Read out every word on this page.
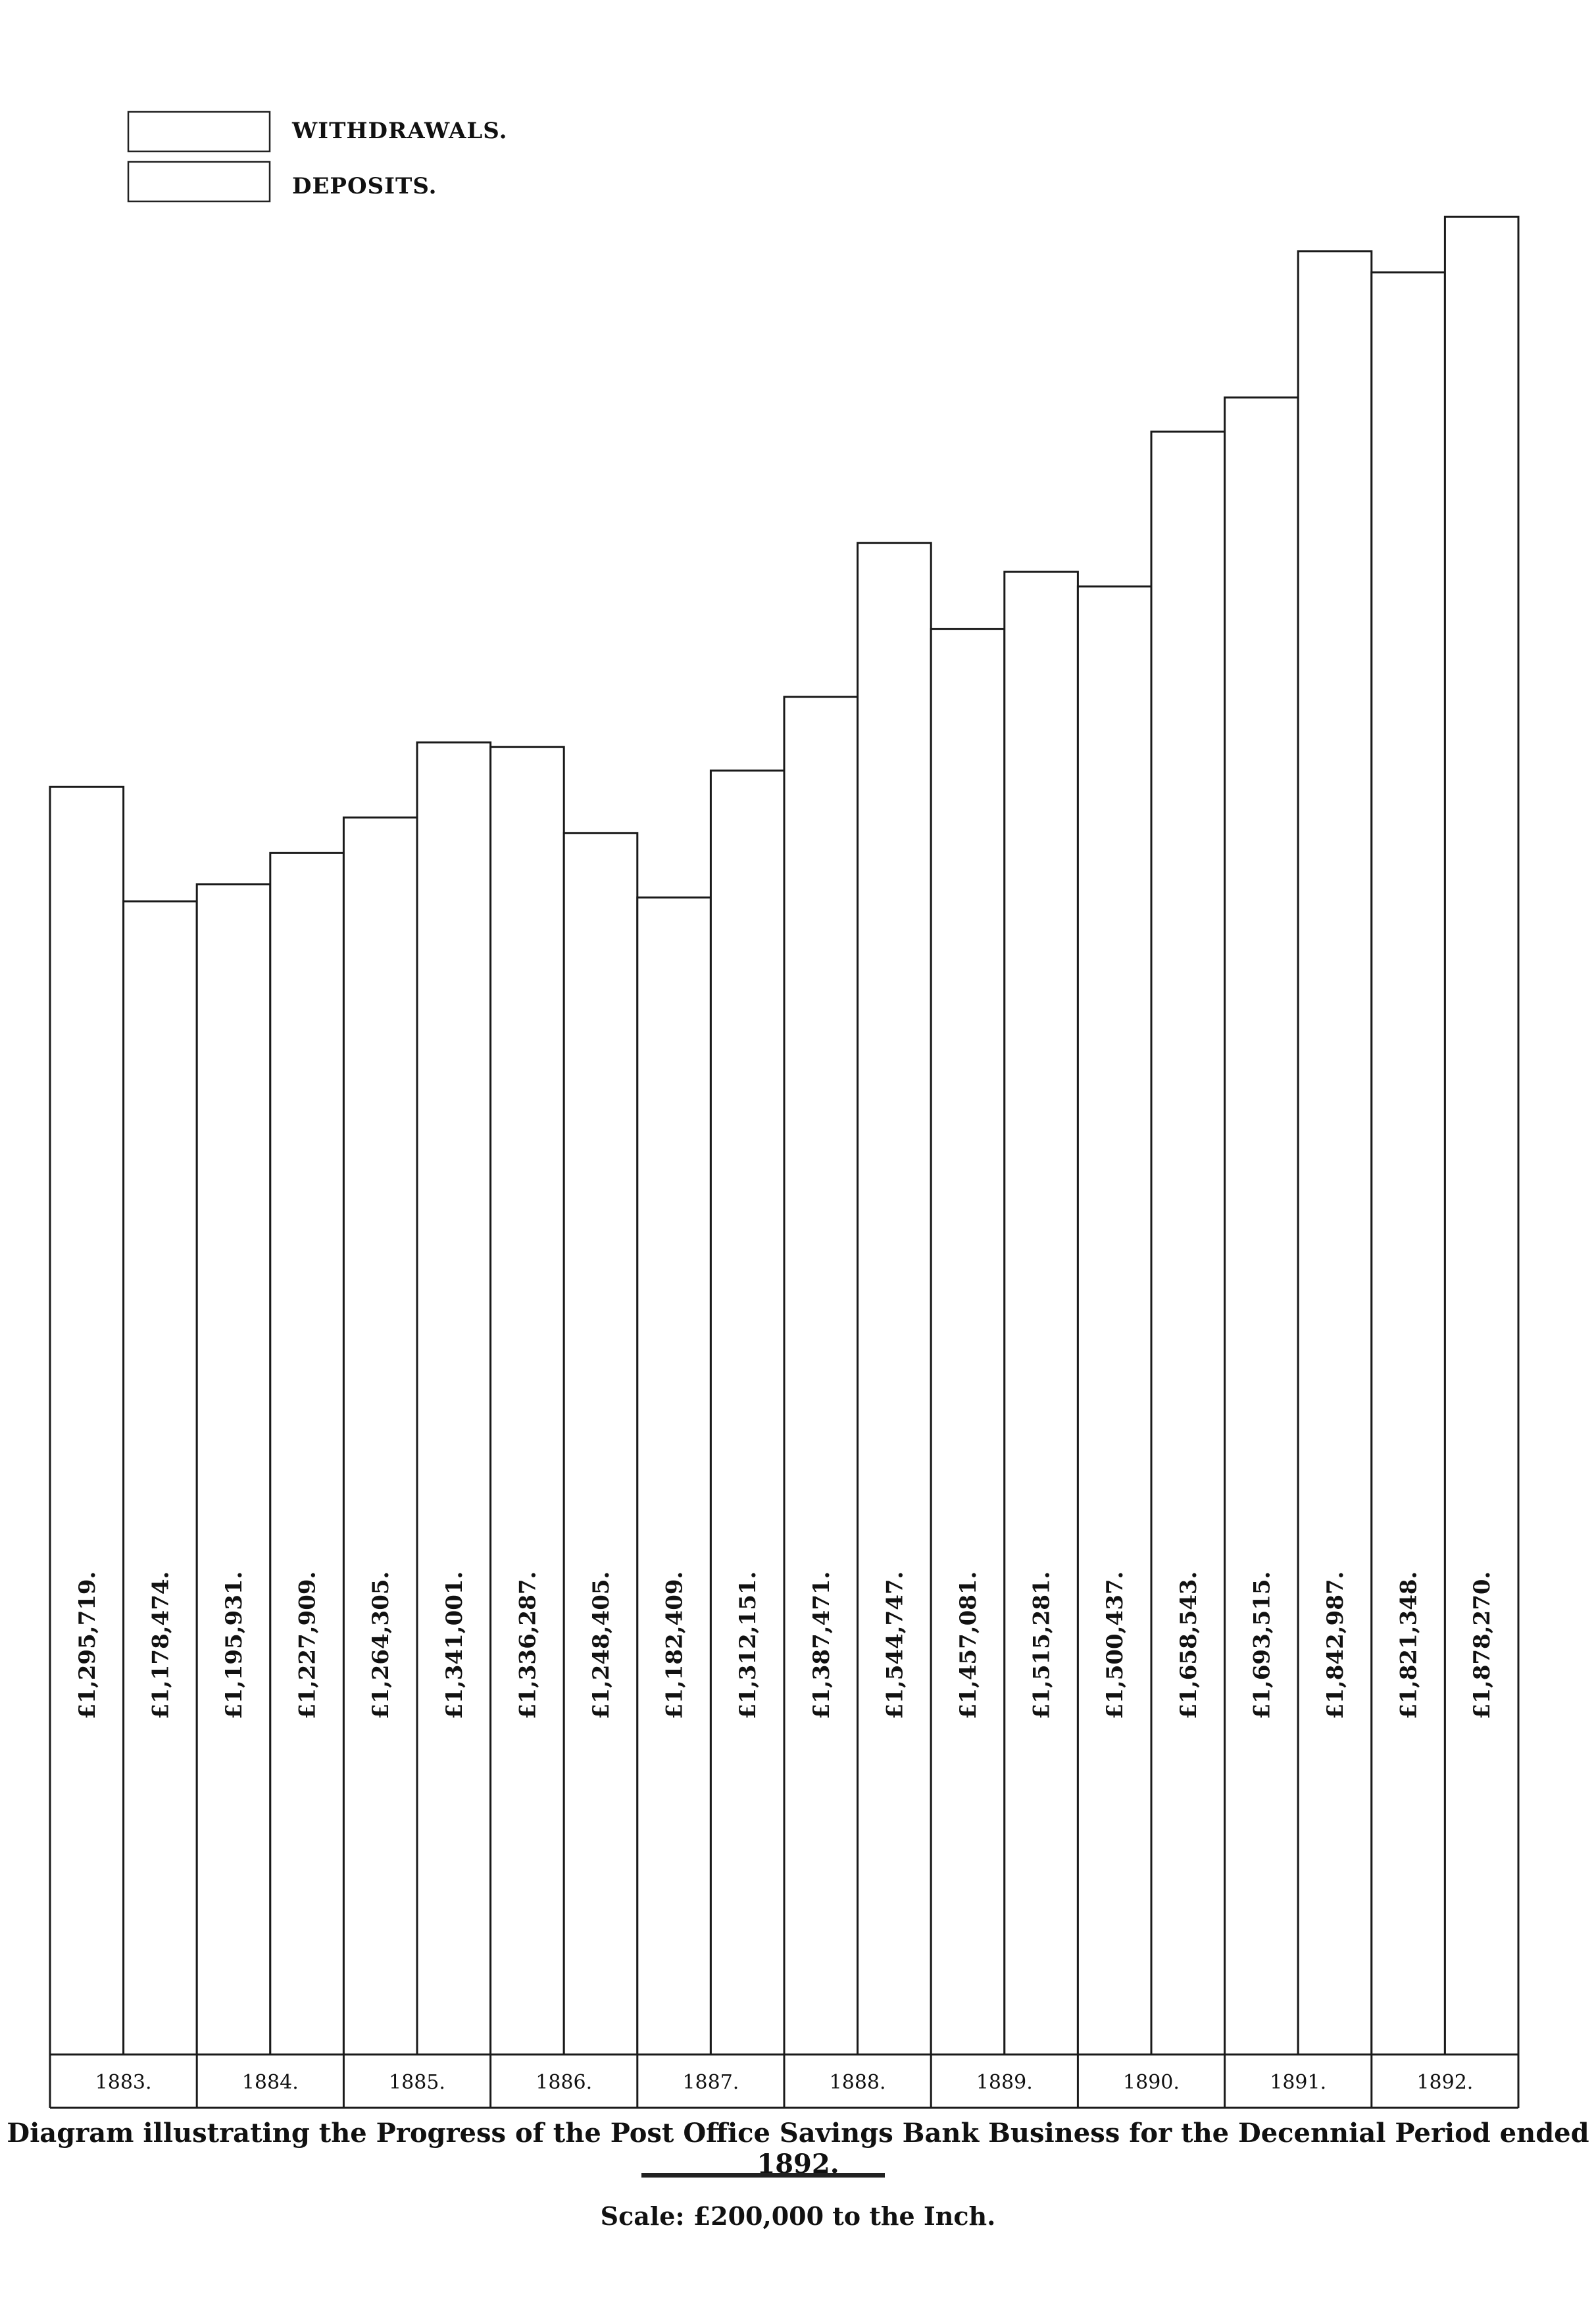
WITHDRAWALS.
DEPOSITS.
£1,295,719. £1,178,474. £1,195,931. £1,227,909. £1,264,305. £1,341,001. £1,336,287. £1,248,405. £1,182,409. £1,312,151. £1,387,471. £1,544,747. £1,457,081. £1,515,281. £1,500,437. £1,658,543. £1,693,515. £1,842,987. £1,821,348. £1,878,270.
1883.	1884.	1885.	1886.	1887.	1888.	1889.	1890.	1891.	1892.
Diagram illustrating the Progress of the Post Office Savings Bank Business for the Decennial Period ended 1892.
Scale: £200,000 to the Inch.
